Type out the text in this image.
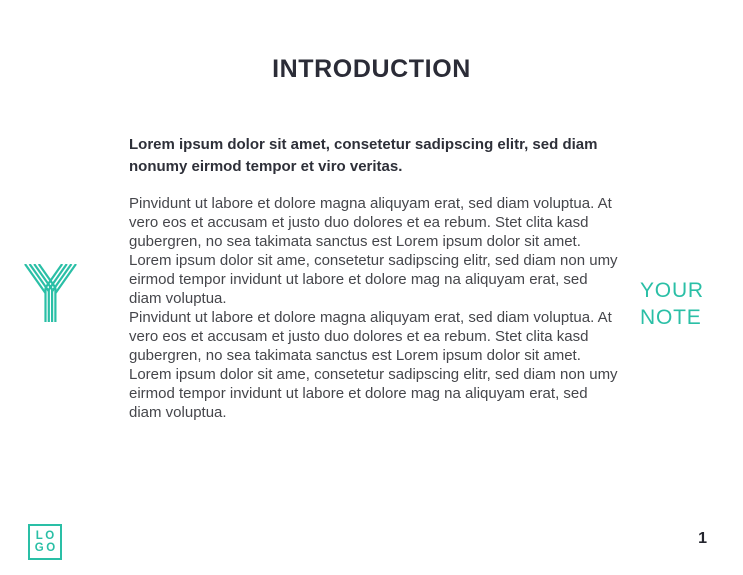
INTRODUCTION

Lorem ipsum dolor sit amet, consetetur sadipscing elitr, sed diam nonumy eirmod tempor et viro veritas.

Pinvidunt ut labore et dolore magna aliquyam erat, sed diam voluptua. At vero eos et accusam et justo duo dolores et ea rebum. Stet clita kasd gubergren, no sea takimata sanctus est Lorem ipsum dolor sit amet. Lorem ipsum dolor sit ame, consetetur sadipscing elitr, sed diam non umy eirmod tempor invidunt ut labore et dolore mag na aliquyam erat, sed diam voluptua.

Pinvidunt ut labore et dolore magna aliquyam erat, sed diam voluptua. At vero eos et accusam et justo duo dolores et ea rebum. Stet clita kasd gubergren, no sea takimata sanctus est Lorem ipsum dolor sit amet. Lorem ipsum dolor sit ame, consetetur sadipscing elitr, sed diam non umy eirmod tempor invidunt ut labore et dolore mag na aliquyam erat, sed diam voluptua.

YOUR
NOTE
LO
GO
1
